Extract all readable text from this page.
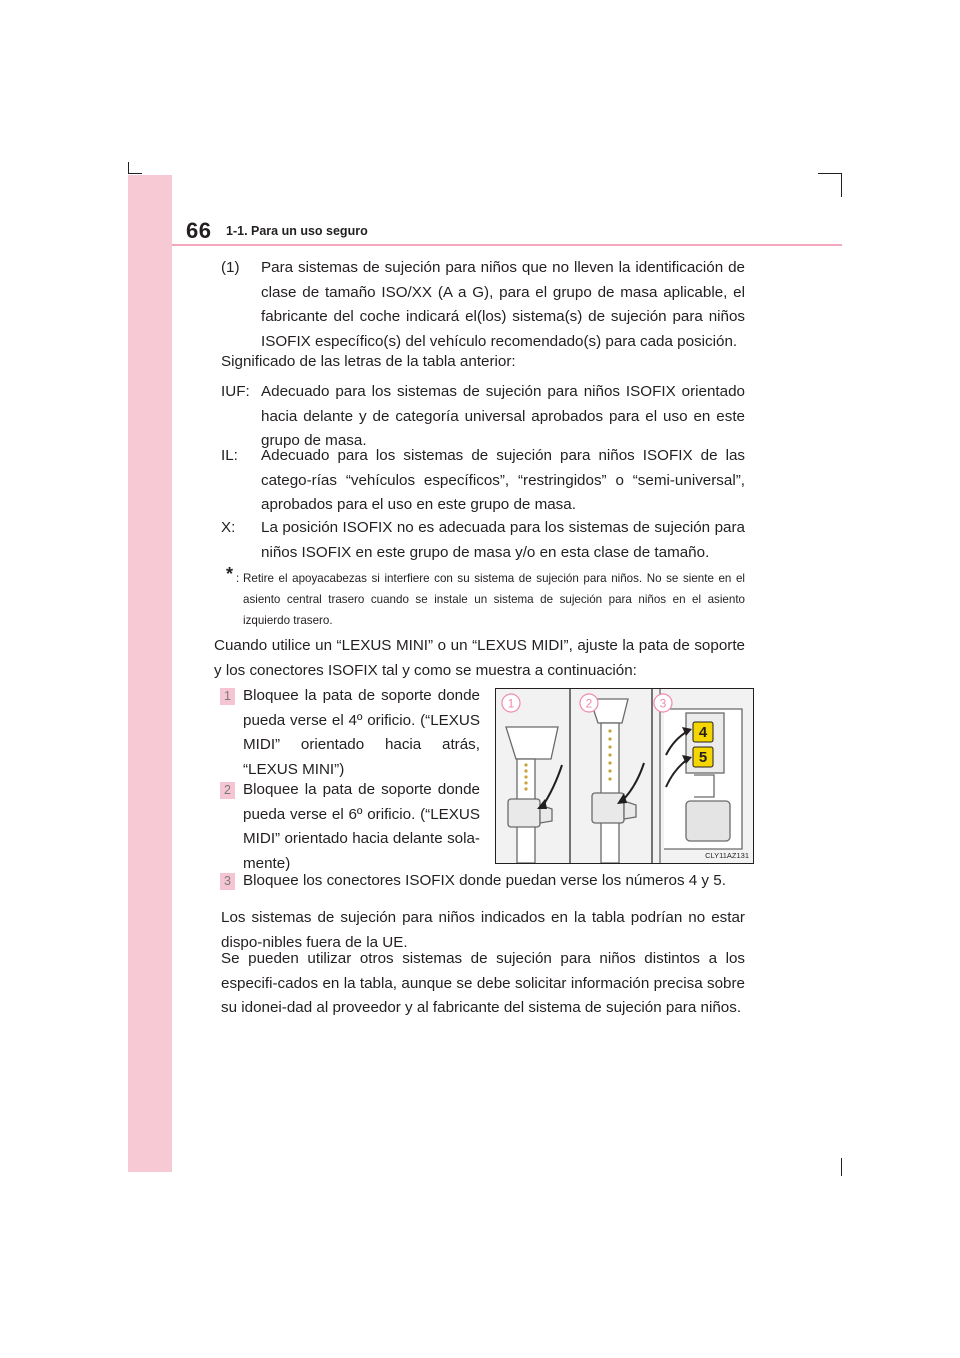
66 1-1. Para un uso seguro
(1) Para sistemas de sujeción para niños que no lleven la identificación de clase de tamaño ISO/XX (A a G), para el grupo de masa aplicable, el fabricante del coche indicará el(los) sistema(s) de sujeción para niños ISOFIX específico(s) del vehículo recomendado(s) para cada posición.
Significado de las letras de la tabla anterior:
IUF: Adecuado para los sistemas de sujeción para niños ISOFIX orientado hacia delante y de categoría universal aprobados para el uso en este grupo de masa.
IL: Adecuado para los sistemas de sujeción para niños ISOFIX de las catego-rías “vehículos específicos”, “restringidos” o “semi-universal”, aprobados para el uso en este grupo de masa.
X: La posición ISOFIX no es adecuada para los sistemas de sujeción para niños ISOFIX en este grupo de masa y/o en esta clase de tamaño.
* : Retire el apoyacabezas si interfiere con su sistema de sujeción para niños. No se siente en el asiento central trasero cuando se instale un sistema de sujeción para niños en el asiento izquierdo trasero.
Cuando utilice un “LEXUS MINI” o un “LEXUS MIDI”, ajuste la pata de soporte y los conectores ISOFIX tal y como se muestra a continuación:
1 Bloquee la pata de soporte donde pueda verse el 4º orificio. (“LEXUS MIDI” orientado hacia atrás, “LEXUS MINI”)
2 Bloquee la pata de soporte donde pueda verse el 6º orificio. (“LEXUS MIDI” orientado hacia delante sola-mente)
3 Bloquee los conectores ISOFIX donde puedan verse los números 4 y 5.
1	2	3
4
5
CLY11AZ131
Los sistemas de sujeción para niños indicados en la tabla podrían no estar dispo-nibles fuera de la UE.
Se pueden utilizar otros sistemas de sujeción para niños distintos a los especifi-cados en la tabla, aunque se debe solicitar información precisa sobre su idonei-dad al proveedor y al fabricante del sistema de sujeción para niños.
